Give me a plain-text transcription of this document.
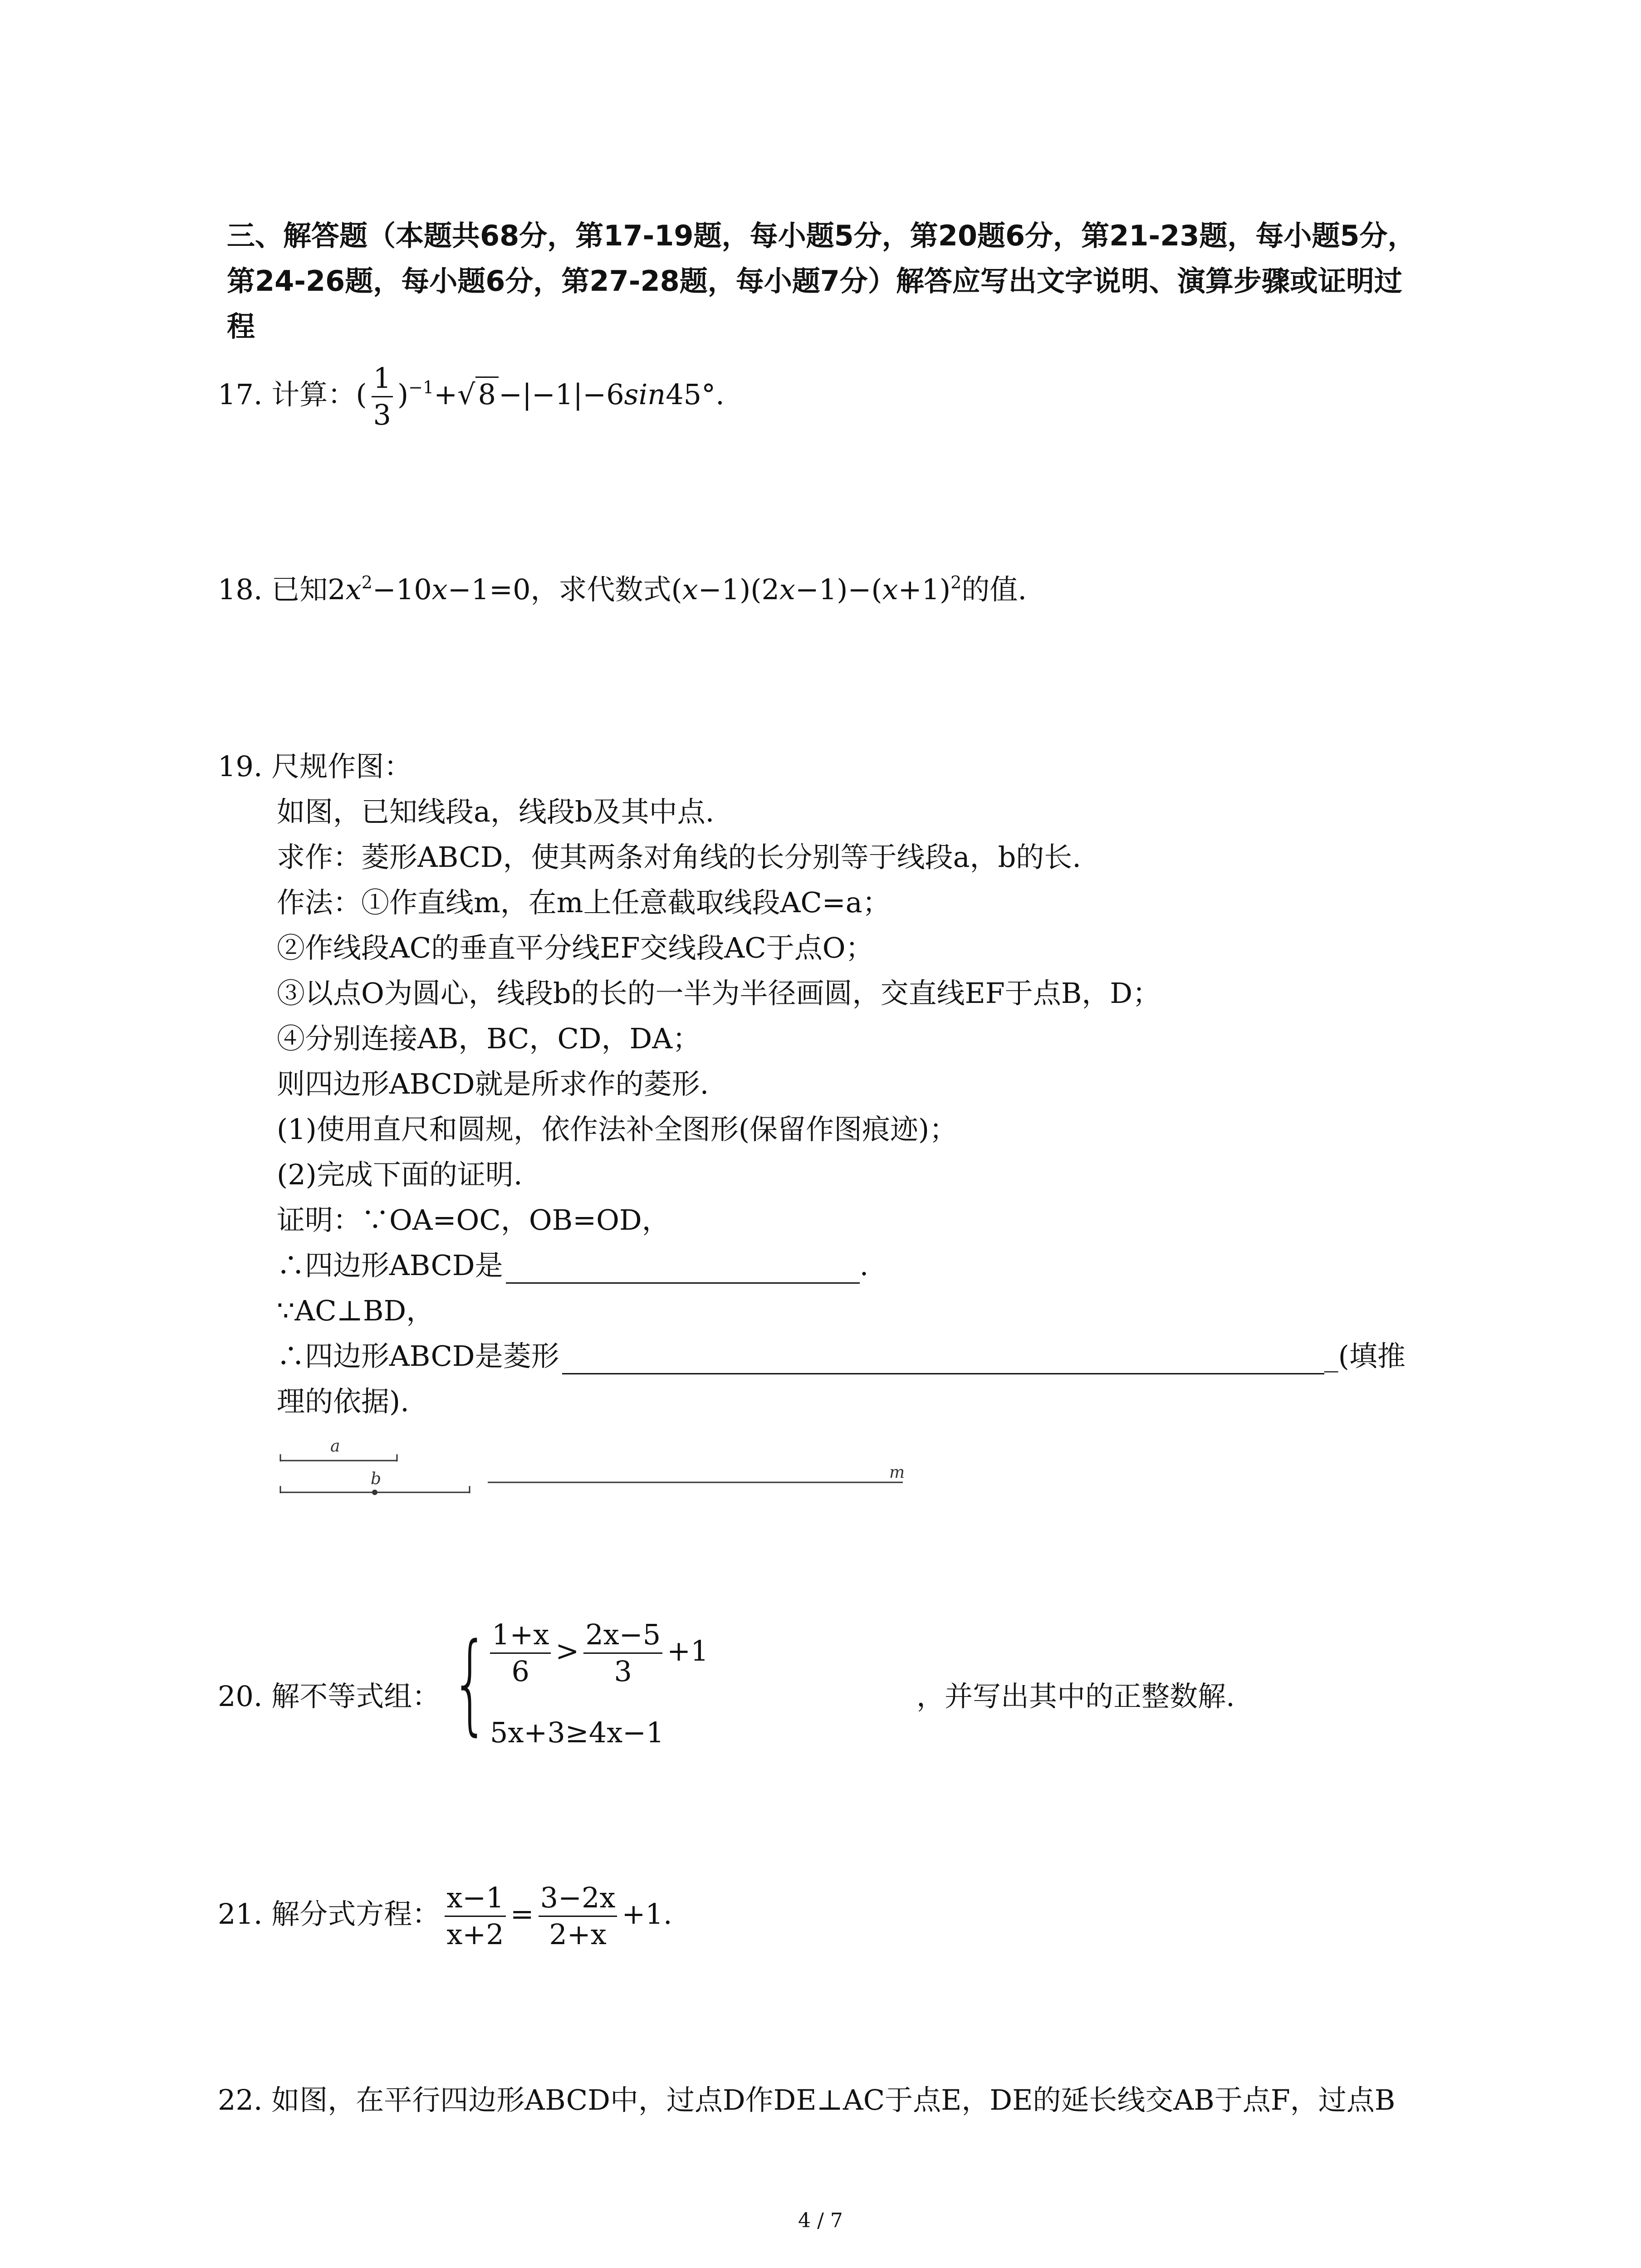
三、解答题（本题共68分，第17-19题，每小题5分，第20题6分，第21-23题，每小题5分，
第24-26题，每小题6分，第27-28题，每小题7分）解答应写出文字说明、演算步骤或证明过
程
17. 计算：( $\frac{1}{3} )^{-1}+√8-|-1|-6\sin 45^\circ$.
18. 已知$2x^2-10x-1=0$，求代数式$(x-1)(2x-1)-(x+1)^2$的值.
19. 尺规作图：
如图，已知线段a，线段b及其中点.
求作：菱形ABCD，使其两条对角线的长分别等于线段a，b的长.
作法：①作直线m，在m上任意截取线段AC=a；
②作线段AC的垂直平分线EF交线段AC于点O；
③以点O为圆心，线段b的长的一半为半径画圆，交直线EF于点B，D；
④分别连接AB，BC，CD，DA；
则四边形ABCD就是所求作的菱形.
(1)使用直尺和圆规，依作法补全图形(保留作图痕迹)；
(2)完成下面的证明.
证明：∵OA=OC，OB=OD，
∴四边形ABCD是	.
∵AC⊥BD，
∴四边形ABCD是菱形	_(填推
理的依据).
a
b	m
20. 解不等式组： { $\frac{1+x}{6} > \frac{2x-5}{3} +1$
5x+3≥4x−1
，并写出其中的正整数解.
21. 解分式方程： $\frac{x-1}{x+2} = \frac{3-2x}{2+x} +1$.
22. 如图，在平行四边形ABCD中，过点D作DE⊥AC于点E，DE的延长线交AB于点F，过点B
4 / 7
